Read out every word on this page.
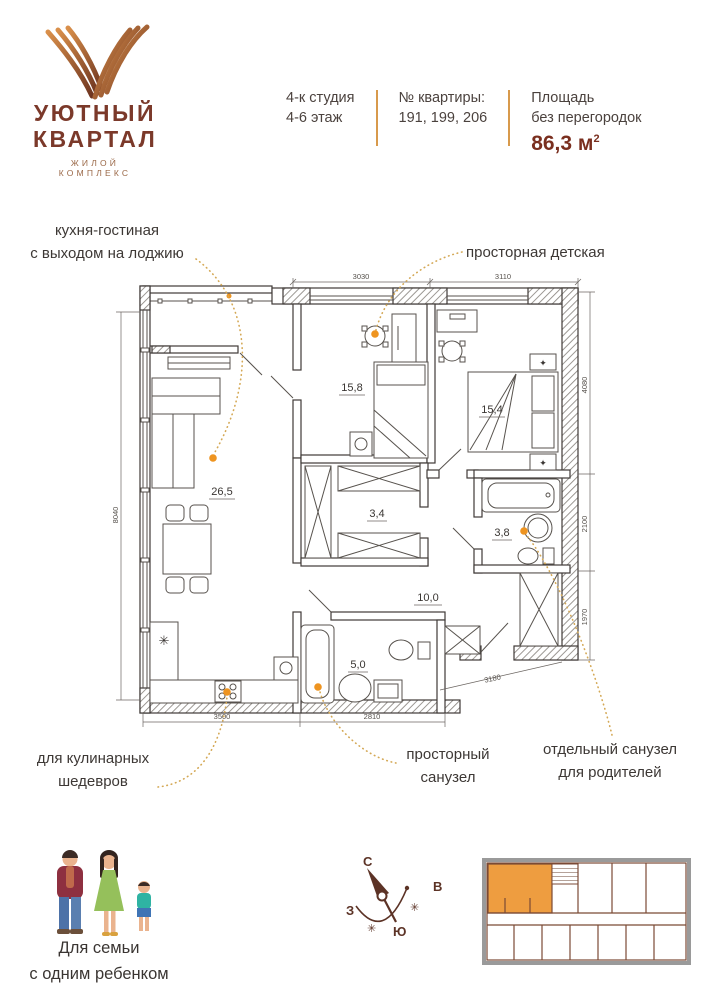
✳
✦
✦
26,5
15,8
15,4
3,4
3,8
10,0
5,0
3030	3110
4080
2100
1970
8040
3500	2810
3180
С
В
З
Ю
✳
✳
УЮТНЫЙ
КВАРТАЛ
ЖИЛОЙ КОМПЛЕКС
4-к студия
4-6 этаж
№ квартиры:
191, 199, 206
Площадь
без перегородок
86,3 $м^2$
кухня-гостиная
с выходом на лоджию	просторная детская
для кулинарных
шедевров
просторный
санузел
отдельный санузел
для родителей
Для семьи
с одним ребенком
